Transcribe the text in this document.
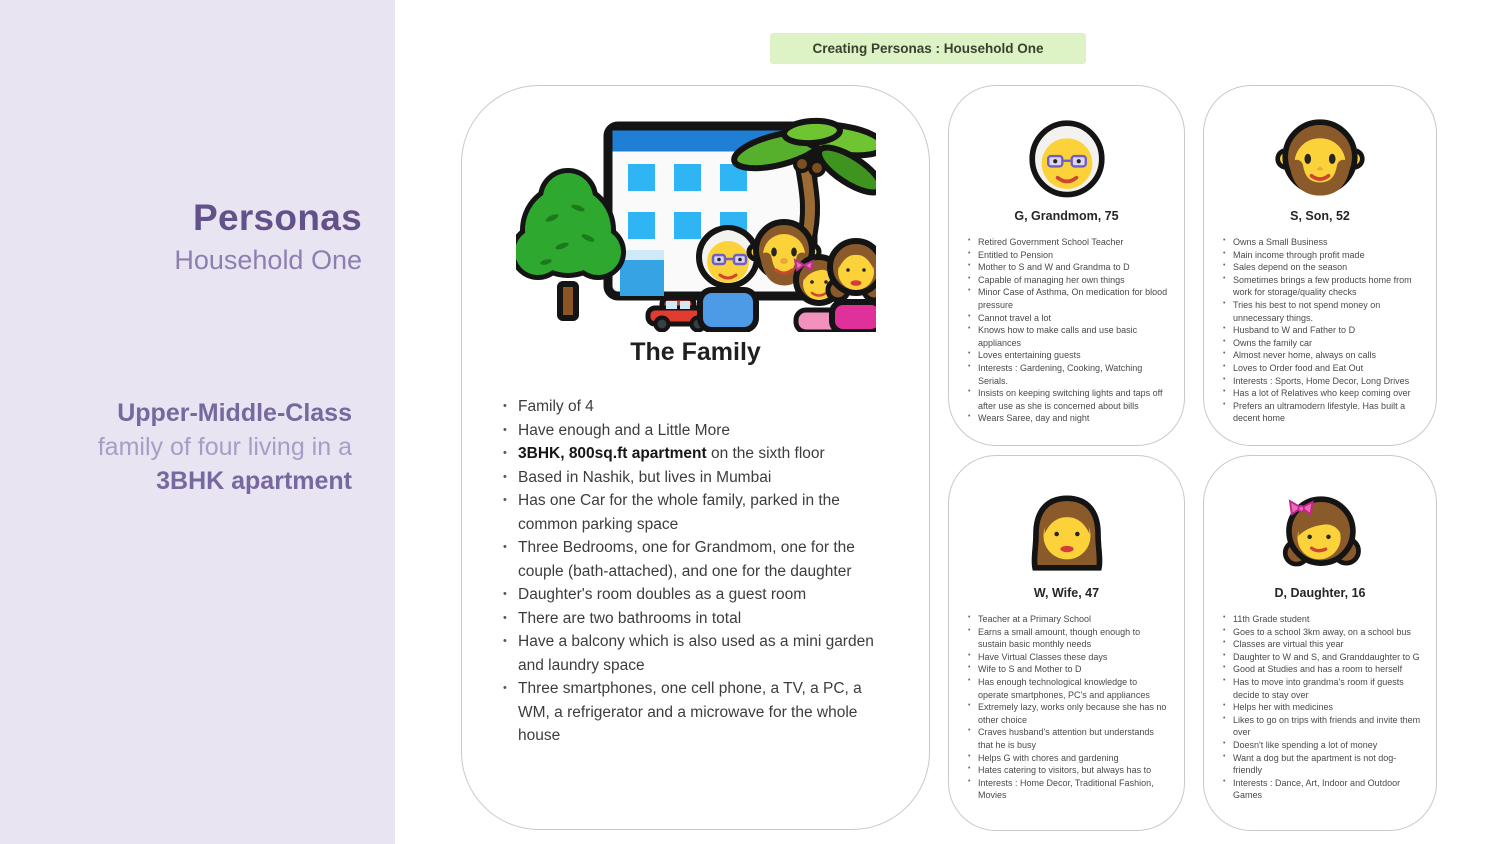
Personas
Household One
Upper-Middle-Class
family of four living in a
3BHK apartment
Creating Personas : Household One
The Family
• Family of 4
• Have enough and a Little More
• 3BHK, 800sq.ft apartment on the sixth floor
• Based in Nashik, but lives in Mumbai
• Has one Car for the whole family, parked in the common parking space
• Three Bedrooms, one for Grandmom, one for the couple (bath-attached), and one for the daughter
• Daughter's room doubles as a guest room
• There are two bathrooms in total
• Have a balcony which is also used as a mini garden and laundry space
• Three smartphones, one cell phone, a TV, a PC, a WM, a refrigerator and a microwave for the whole house
G, Grandmom, 75
• Retired Government School Teacher
• Entitled to Pension
• Mother to S and W and Grandma to D
• Capable of managing her own things
• Minor Case of Asthma, On medication for blood pressure
• Cannot travel a lot
• Knows how to make calls and use basic appliances
• Loves entertaining guests
• Interests : Gardening, Cooking, Watching Serials.
• Insists on keeping switching lights and taps off after use as she is concerned about bills
• Wears Saree, day and night
S, Son, 52
• Owns a Small Business
• Main income through profit made
• Sales depend on the season
• Sometimes brings a few products home from work for storage/quality checks
• Tries his best to not spend money on unnecessary things.
• Husband to W and Father to D
• Owns the family car
• Almost never home, always on calls
• Loves to Order food and Eat Out
• Interests : Sports, Home Decor, Long Drives
• Has a lot of Relatives who keep coming over
• Prefers an ultramodern lifestyle. Has built a decent home
W, Wife, 47
• Teacher at a Primary School
• Earns a small amount, though enough to sustain basic monthly needs
• Have Virtual Classes these days
• Wife to S and Mother to D
• Has enough technological knowledge to operate smartphones, PC's and appliances
• Extremely lazy, works only because she has no other choice
• Craves husband's attention but understands that he is busy
• Helps G with chores and gardening
• Hates catering to visitors, but always has to
• Interests : Home Decor, Traditional Fashion, Movies
D, Daughter, 16
• 11th Grade student
• Goes to a school 3km away, on a school bus
• Classes are virtual this year
• Daughter to W and S, and Granddaughter to G
• Good at Studies and has a room to herself
• Has to move into grandma's room if guests decide to stay over
• Helps her with medicines
• Likes to go on trips with friends and invite them over
• Doesn't like spending a lot of money
• Want a dog but the apartment is not dog-friendly
• Interests : Dance, Art, Indoor and Outdoor Games
